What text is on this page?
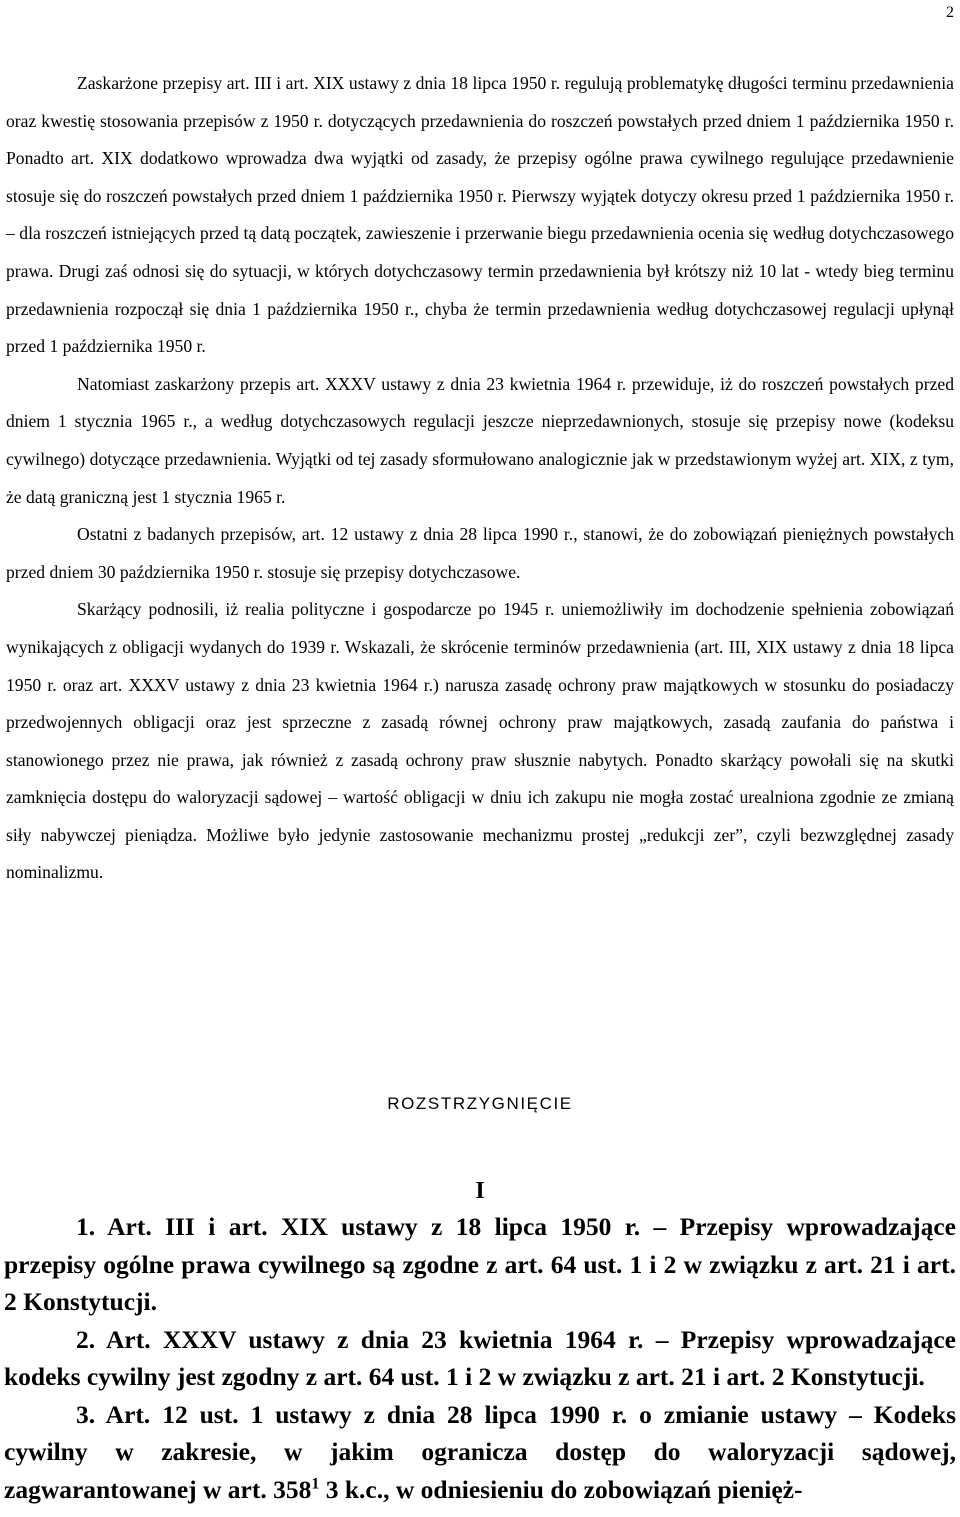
2

Zaskarżone przepisy art. III i art. XIX ustawy z dnia 18 lipca 1950 r. regulują problematykę długości terminu przedawnienia oraz kwestię stosowania przepisów z 1950 r. dotyczących przedawnienia do roszczeń powstałych przed dniem 1 października 1950 r. Ponadto art. XIX dodatkowo wprowadza dwa wyjątki od zasady, że przepisy ogólne prawa cywilnego regulujące przedawnienie stosuje się do roszczeń powstałych przed dniem 1 października 1950 r. Pierwszy wyjątek dotyczy okresu przed 1 października 1950 r. – dla roszczeń istniejących przed tą datą początek, zawieszenie i przerwanie biegu przedawnienia ocenia się według dotychczasowego prawa. Drugi zaś odnosi się do sytuacji, w których dotychczasowy termin przedawnienia był krótszy niż 10 lat - wtedy bieg terminu przedawnienia rozpoczął się dnia 1 października 1950 r., chyba że termin przedawnienia według dotychczasowej regulacji upłynął przed 1 października 1950 r.

Natomiast zaskarżony przepis art. XXXV ustawy z dnia 23 kwietnia 1964 r. przewiduje, iż do roszczeń powstałych przed dniem 1 stycznia 1965 r., a według dotychczasowych regulacji jeszcze nieprzedawnionych, stosuje się przepisy nowe (kodeksu cywilnego) dotyczące przedawnienia. Wyjątki od tej zasady sformułowano analogicznie jak w przedstawionym wyżej art. XIX, z tym, że datą graniczną jest 1 stycznia 1965 r.

Ostatni z badanych przepisów, art. 12 ustawy z dnia 28 lipca 1990 r., stanowi, że do zobowiązań pieniężnych powstałych przed dniem 30 października 1950 r. stosuje się przepisy dotychczasowe.

Skarżący podnosili, iż realia polityczne i gospodarcze po 1945 r. uniemożliwiły im dochodzenie spełnienia zobowiązań wynikających z obligacji wydanych do 1939 r. Wskazali, że skrócenie terminów przedawnienia (art. III, XIX ustawy z dnia 18 lipca 1950 r. oraz art. XXXV ustawy z dnia 23 kwietnia 1964 r.) narusza zasadę ochrony praw majątkowych w stosunku do posiadaczy przedwojennych obligacji oraz jest sprzeczne z zasadą równej ochrony praw majątkowych, zasadą zaufania do państwa i stanowionego przez nie prawa, jak również z zasadą ochrony praw słusznie nabytych. Ponadto skarżący powołali się na skutki zamknięcia dostępu do waloryzacji sądowej – wartość obligacji w dniu ich zakupu nie mogła zostać urealniona zgodnie ze zmianą siły nabywczej pieniądza. Możliwe było jedynie zastosowanie mechanizmu prostej „redukcji zer”, czyli bezwzględnej zasady nominalizmu.

ROZSTRZYGNIĘCIE
I

1. Art. III i art. XIX ustawy z 18 lipca 1950 r. – Przepisy wprowadzające przepisy ogólne prawa cywilnego są zgodne z art. 64 ust. 1 i 2 w związku z art. 21 i art. 2 Konstytucji.

2. Art. XXXV ustawy z dnia 23 kwietnia 1964 r. – Przepisy wprowadzające kodeks cywilny jest zgodny z art. 64 ust. 1 i 2 w związku z art. 21 i art. 2 Konstytucji.

3. Art. 12 ust. 1 ustawy z dnia 28 lipca 1990 r. o zmianie ustawy – Kodeks cywilny w zakresie, w jakim ogranicza dostęp do waloryzacji sądowej, zagwarantowanej w art. $358^1$ 3 k.c., w odniesieniu do zobowiązań pienięż-
